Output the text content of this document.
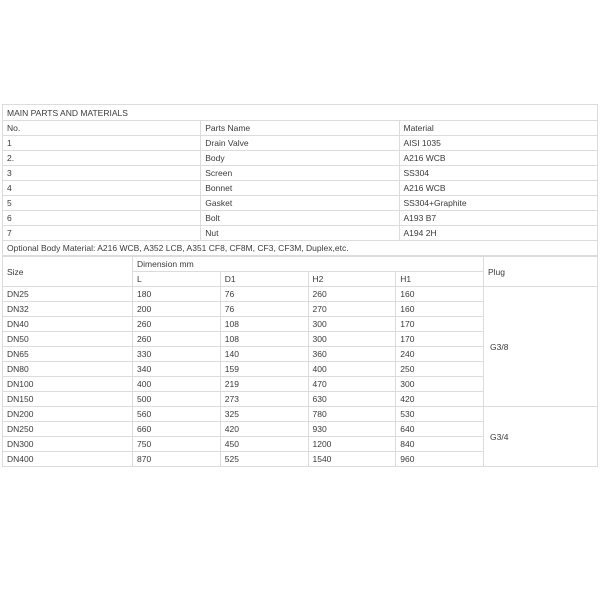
MAIN PARTS AND MATERIALS		
No.	Parts Name	Material
1	Drain Valve	AISI 1035
2.	Body	A216 WCB
3	Screen	SS304
4	Bonnet	A216 WCB
5	Gasket	SS304+Graphite
6	Bolt	A193 B7
7	Nut	A194 2H
Optional Body Material: A216 WCB, A352 LCB, A351 CF8, CF8M, CF3, CF3M, Duplex,etc.		
Size	Dimension mm				Plug
	L	D1	H2	H1	
DN25	180	76	260	160	G3/8
DN32	200	76	270	160	
DN40	260	108	300	170	
DN50	260	108	300	170	
DN65	330	140	360	240	
DN80	340	159	400	250	
DN100	400	219	470	300	
DN150	500	273	630	420	
DN200	560	325	780	530	G3/4
DN250	660	420	930	640	
DN300	750	450	1200	840	
DN400	870	525	1540	960	
